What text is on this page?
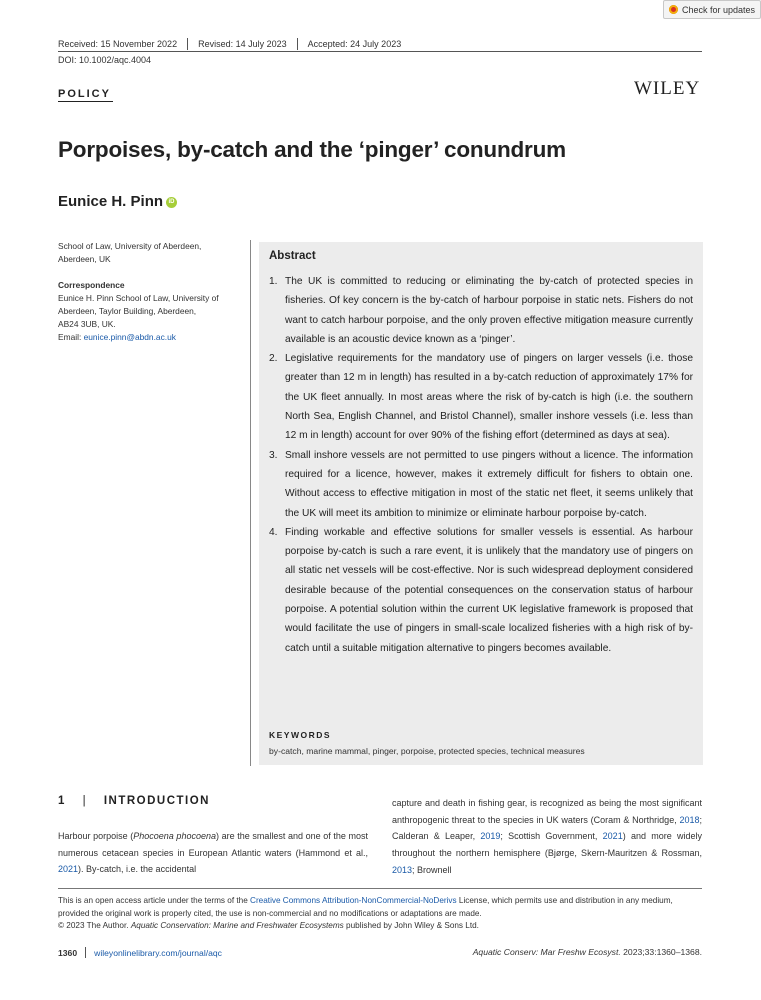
Check for updates
Received: 15 November 2022	Revised: 14 July 2023	Accepted: 24 July 2023
DOI: 10.1002/aqc.4004
POLICY	WILEY
Porpoises, by-catch and the ‘pinger’ conundrum
Eunice H. Pinn iD
School of Law, University of Aberdeen,
Aberdeen, UK
Correspondence
Eunice H. Pinn School of Law, University of
Aberdeen, Taylor Building, Aberdeen,
AB24 3UB, UK.
Email: eunice.pinn@abdn.ac.uk
Abstract
1. The UK is committed to reducing or eliminating the by-catch of protected species in fisheries. Of key concern is the by-catch of harbour porpoise in static nets. Fishers do not want to catch harbour porpoise, and the only proven effective mitigation measure currently available is an acoustic device known as a ‘pinger’.
2. Legislative requirements for the mandatory use of pingers on larger vessels (i.e. those greater than 12 m in length) has resulted in a by-catch reduction of approximately 17% for the UK fleet annually. In most areas where the risk of by-catch is high (i.e. the southern North Sea, English Channel, and Bristol Channel), smaller inshore vessels (i.e. less than 12 m in length) account for over 90% of the fishing effort (determined as days at sea).
3. Small inshore vessels are not permitted to use pingers without a licence. The information required for a licence, however, makes it extremely difficult for fishers to obtain one. Without access to effective mitigation in most of the static net fleet, it seems unlikely that the UK will meet its ambition to minimize or eliminate harbour porpoise by-catch.
4. Finding workable and effective solutions for smaller vessels is essential. As harbour porpoise by-catch is such a rare event, it is unlikely that the mandatory use of pingers on all static net vessels will be cost-effective. Nor is such widespread deployment considered desirable because of the potential consequences on the conservation status of harbour porpoise. A potential solution within the current UK legislative framework is proposed that would facilitate the use of pingers in small-scale localized fisheries with a high risk of by-catch until a suitable mitigation alternative to pingers becomes available.
KEYWORDS
by-catch, marine mammal, pinger, porpoise, protected species, technical measures
1 | INTRODUCTION
Harbour porpoise (Phocoena phocoena) are the smallest and one of the most numerous cetacean species in European Atlantic waters (Hammond et al., 2021). By-catch, i.e. the accidental
capture and death in fishing gear, is recognized as being the most significant anthropogenic threat to the species in UK waters (Coram & Northridge, 2018; Calderan & Leaper, 2019; Scottish Government, 2021) and more widely throughout the northern hemisphere (Bjørge, Skern-Mauritzen & Rossman, 2013; Brownell
This is an open access article under the terms of the Creative Commons Attribution-NonCommercial-NoDerivs License, which permits use and distribution in any medium, provided the original work is properly cited, the use is non-commercial and no modifications or adaptations are made.
© 2023 The Author. Aquatic Conservation: Marine and Freshwater Ecosystems published by John Wiley & Sons Ltd.
1360 wileyonlinelibrary.com/journal/aqc	Aquatic Conserv: Mar Freshw Ecosyst. 2023;33:1360–1368.
